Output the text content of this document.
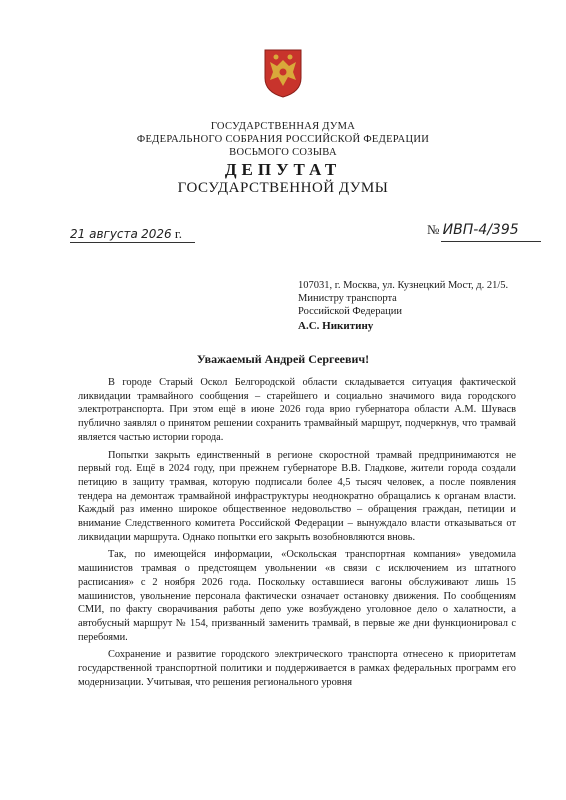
ГОСУДАРСТВЕННАЯ ДУМА
ФЕДЕРАЛЬНОГО СОБРАНИЯ РОССИЙСКОЙ ФЕДЕРАЦИИ
ВОСЬМОГО СОЗЫВА
ДЕПУТАТ
ГОСУДАРСТВЕННОЙ ДУМЫ
21 августа 2026 г.	№ ИВП-4/395
107031, г. Москва, ул. Кузнецкий Мост, д. 21/5.
Министру транспорта
Российской Федерации
А.С. Никитину
Уважаемый Андрей Сергеевич!

В городе Старый Оскол Белгородской области складывается ситуация фактической ликвидации трамвайного сообщения – старейшего и социально значимого вида городского электротранспорта. При этом ещё в июне 2026 года врио губернатора области А.М. Шувасв публично заявлял о принятом решении сохранить трамвайный маршрут, подчеркнув, что трамвай является частью истории города.

Попытки закрыть единственный в регионе скоростной трамвай предпринимаются не первый год. Ещё в 2024 году, при прежнем губернаторе В.В. Гладкове, жители города создали петицию в защиту трамвая, которую подписали более 4,5 тысяч человек, а после появления тендера на демонтаж трамвайной инфраструктуры неоднократно обращались к органам власти. Каждый раз именно широкое общественное недовольство – обращения граждан, петиции и внимание Следственного комитета Российской Федерации – вынуждало власти отказываться от ликвидации маршрута. Однако попытки его закрыть возобновляются вновь.

Так, по имеющейся информации, «Оскольская транспортная компания» уведомила машинистов трамвая о предстоящем увольнении «в связи с исключением из штатного расписания» с 2 ноября 2026 года. Поскольку оставшиеся вагоны обслуживают лишь 15 машинистов, увольнение персонала фактически означает остановку движения. По сообщениям СМИ, по факту сворачивания работы депо уже возбуждено уголовное дело о халатности, а автобусный маршрут № 154, призванный заменить трамвай, в первые же дни функционировал с перебоями.

Сохранение и развитие городского электрического транспорта отнесено к приоритетам государственной транспортной политики и поддерживается в рамках федеральных программ его модернизации. Учитывая, что решения регионального уровня
